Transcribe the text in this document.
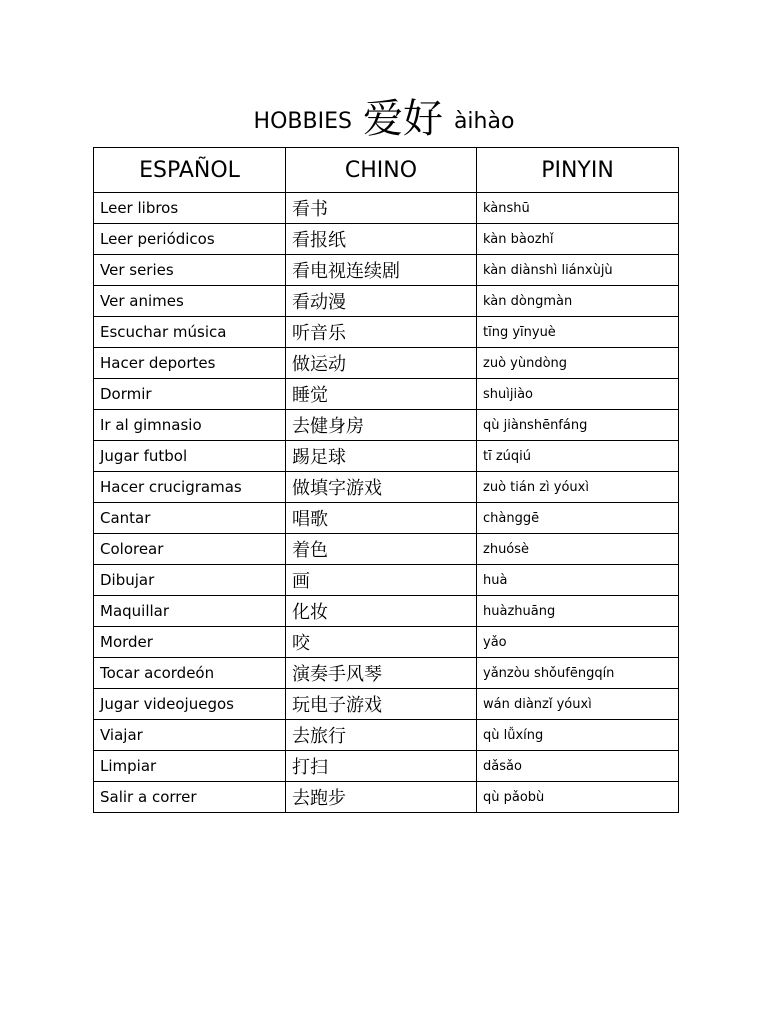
HOBBIES 爱好 àihào
ESPAÑOL	CHINO	PINYIN
Leer libros	看书	kànshū
Leer periódicos	看报纸	kàn bàozhǐ
Ver series	看电视连续剧	kàn diànshì liánxùjù
Ver animes	看动漫	kàn dòngmàn
Escuchar música	听音乐	tīng yīnyuè
Hacer deportes	做运动	zuò yùndòng
Dormir	睡觉	shuìjiào
Ir al gimnasio	去健身房	qù jiànshēnfáng
Jugar futbol	踢足球	tī zúqiú
Hacer crucigramas	做填字游戏	zuò tián zì yóuxì
Cantar	唱歌	chànggē
Colorear	着色	zhuósè
Dibujar	画	huà
Maquillar	化妆	huàzhuāng
Morder	咬	yǎo
Tocar acordeón	演奏手风琴	yǎnzòu shǒufēngqín
Jugar videojuegos	玩电子游戏	wán diànzǐ yóuxì
Viajar	去旅行	qù lǚxíng
Limpiar	打扫	dǎsǎo
Salir a correr	去跑步	qù pǎobù
